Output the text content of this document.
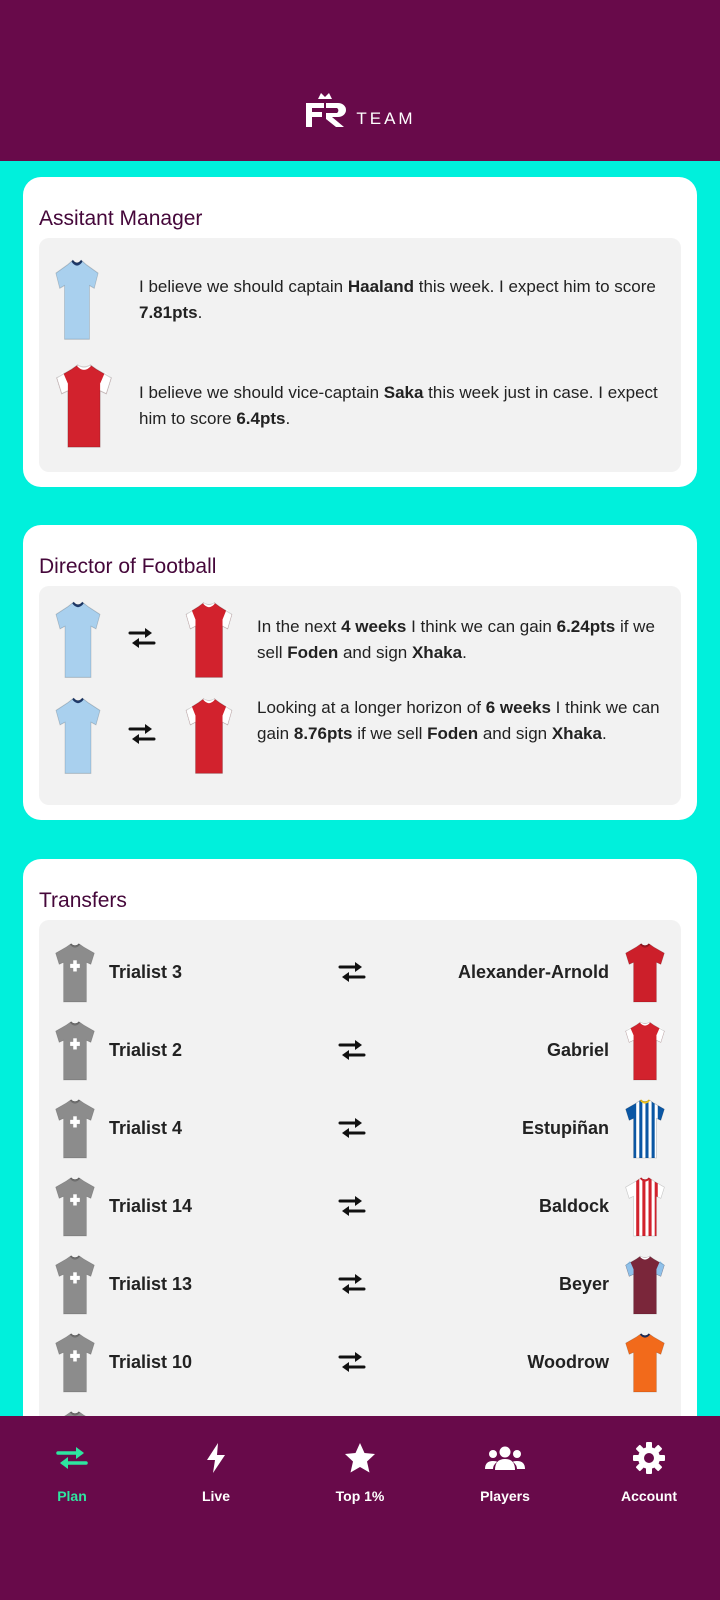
TEAM
Assitant Manager
I believe we should captain Haaland this week. I expect him to score 7.81pts.
I believe we should vice-captain Saka this week just in case. I expect him to score 6.4pts.
Director of Football
In the next 4 weeks I think we can gain 6.24pts if we sell Foden and sign Xhaka.
Looking at a longer horizon of 6 weeks I think we can gain 8.76pts if we sell Foden and sign Xhaka.
Transfers
Trialist 3	Alexander-Arnold
Trialist 2	Gabriel
Trialist 4	Estupiñan
Trialist 14	Baldock
Trialist 13	Beyer
Trialist 10	Woodrow
Plan	Live	Top 1%	Players	Account
